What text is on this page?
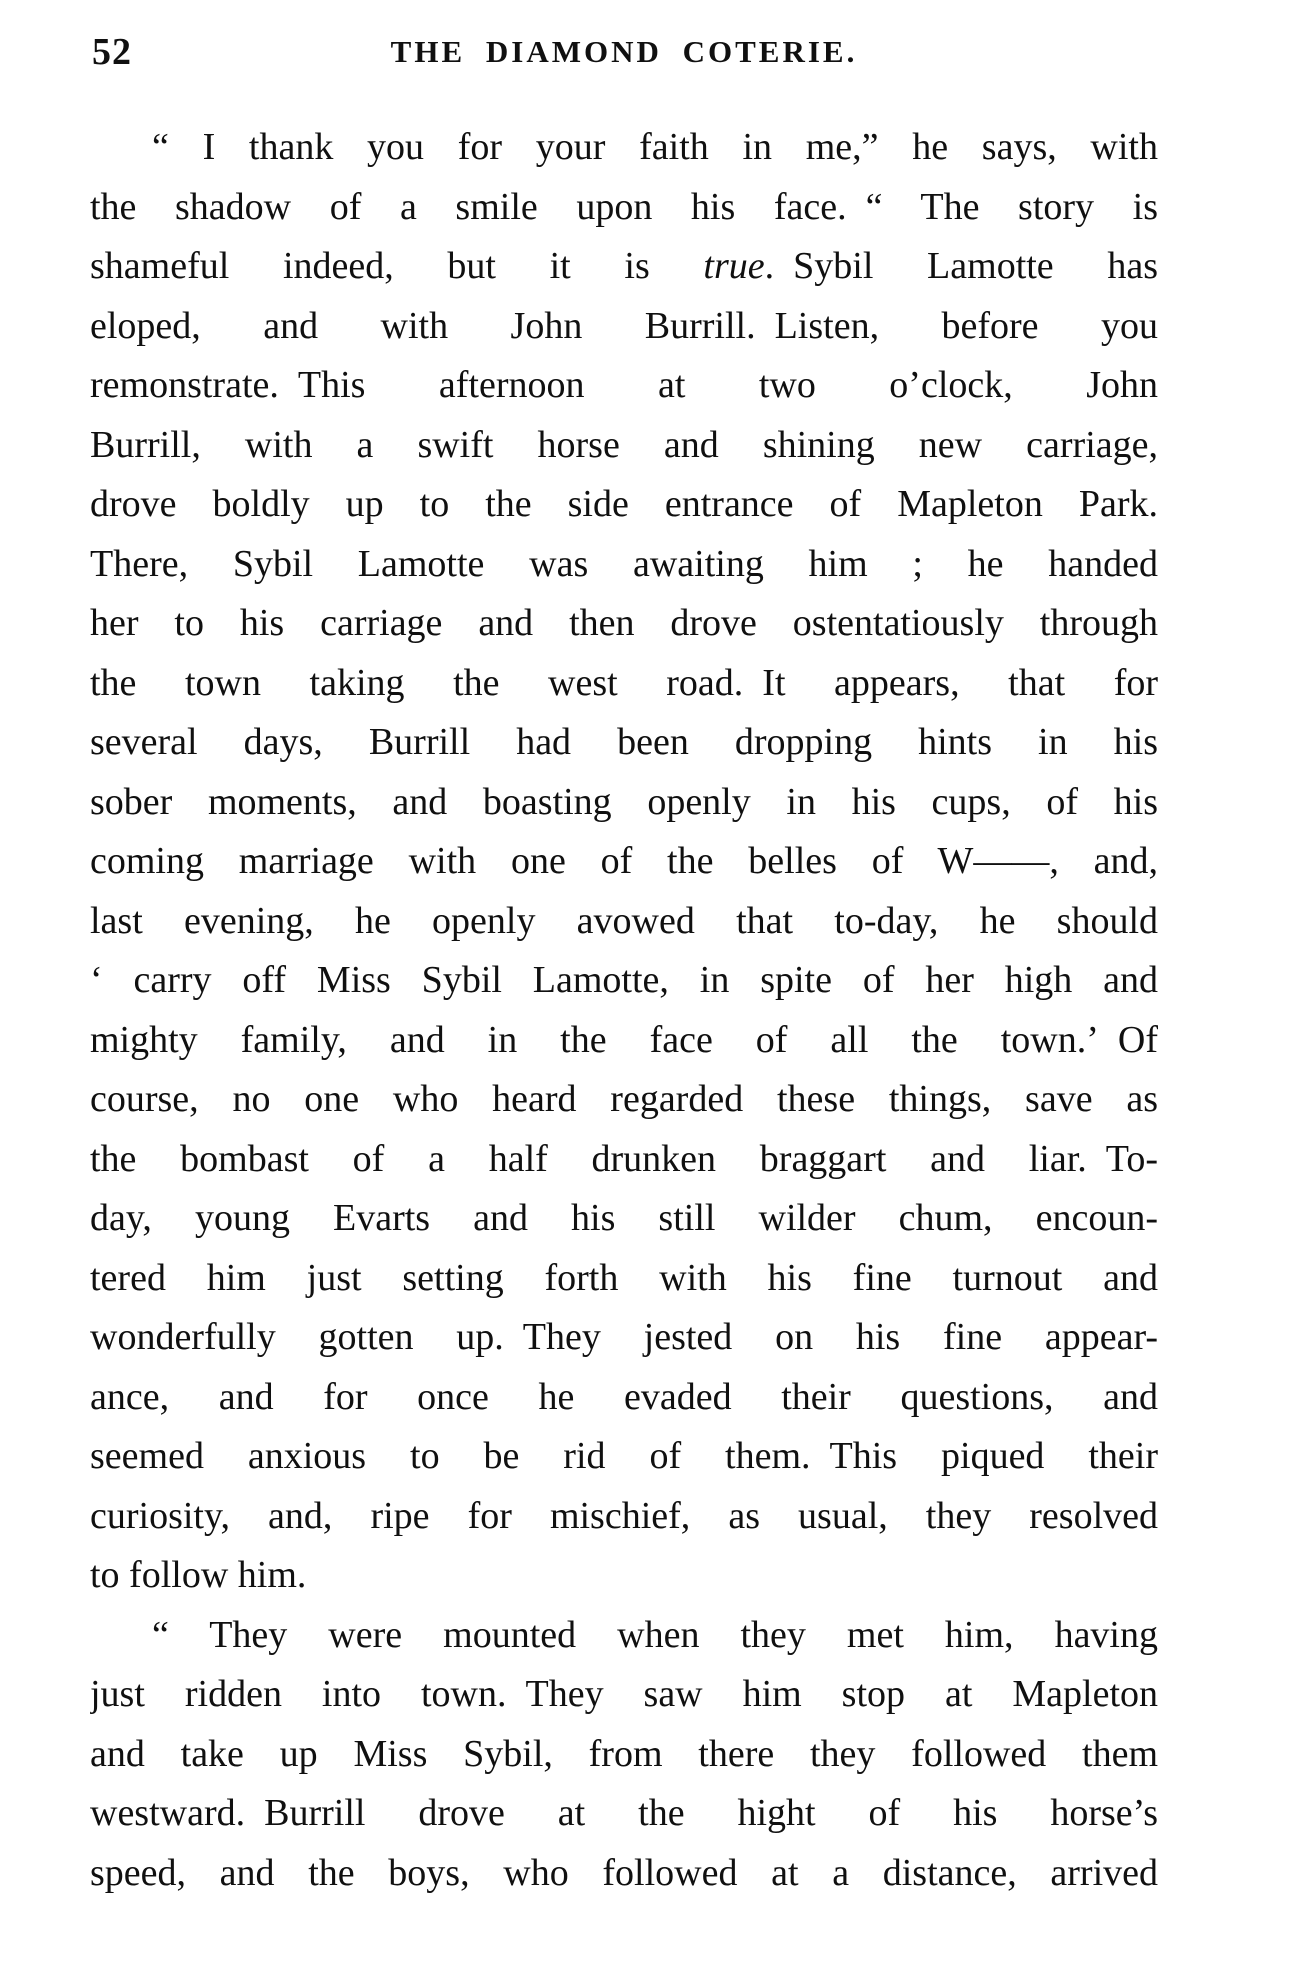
52	THE DIAMOND COTERIE.
“ I thank you for your faith in me,” he says, with
the shadow of a smile upon his face. “ The story is
shameful indeed, but it is true. Sybil Lamotte has
eloped, and with John Burrill. Listen, before you
remonstrate. This afternoon at two o’clock, John
Burrill, with a swift horse and shining new carriage,
drove boldly up to the side entrance of Mapleton Park.
There, Sybil Lamotte was awaiting him ; he handed
her to his carriage and then drove ostentatiously through
the town taking the west road. It appears, that for
several days, Burrill had been dropping hints in his
sober moments, and boasting openly in his cups, of his
coming marriage with one of the belles of W——, and,
last evening, he openly avowed that to-day, he should
‘ carry off Miss Sybil Lamotte, in spite of her high and
mighty family, and in the face of all the town.’ Of
course, no one who heard regarded these things, save as
the bombast of a half drunken braggart and liar. To-
day, young Evarts and his still wilder chum, encoun-
tered him just setting forth with his fine turnout and
wonderfully gotten up. They jested on his fine appear-
ance, and for once he evaded their questions, and
seemed anxious to be rid of them. This piqued their
curiosity, and, ripe for mischief, as usual, they resolved
to follow him.
“ They were mounted when they met him, having
just ridden into town. They saw him stop at Mapleton
and take up Miss Sybil, from there they followed them
westward. Burrill drove at the hight of his horse’s
speed, and the boys, who followed at a distance, arrived
